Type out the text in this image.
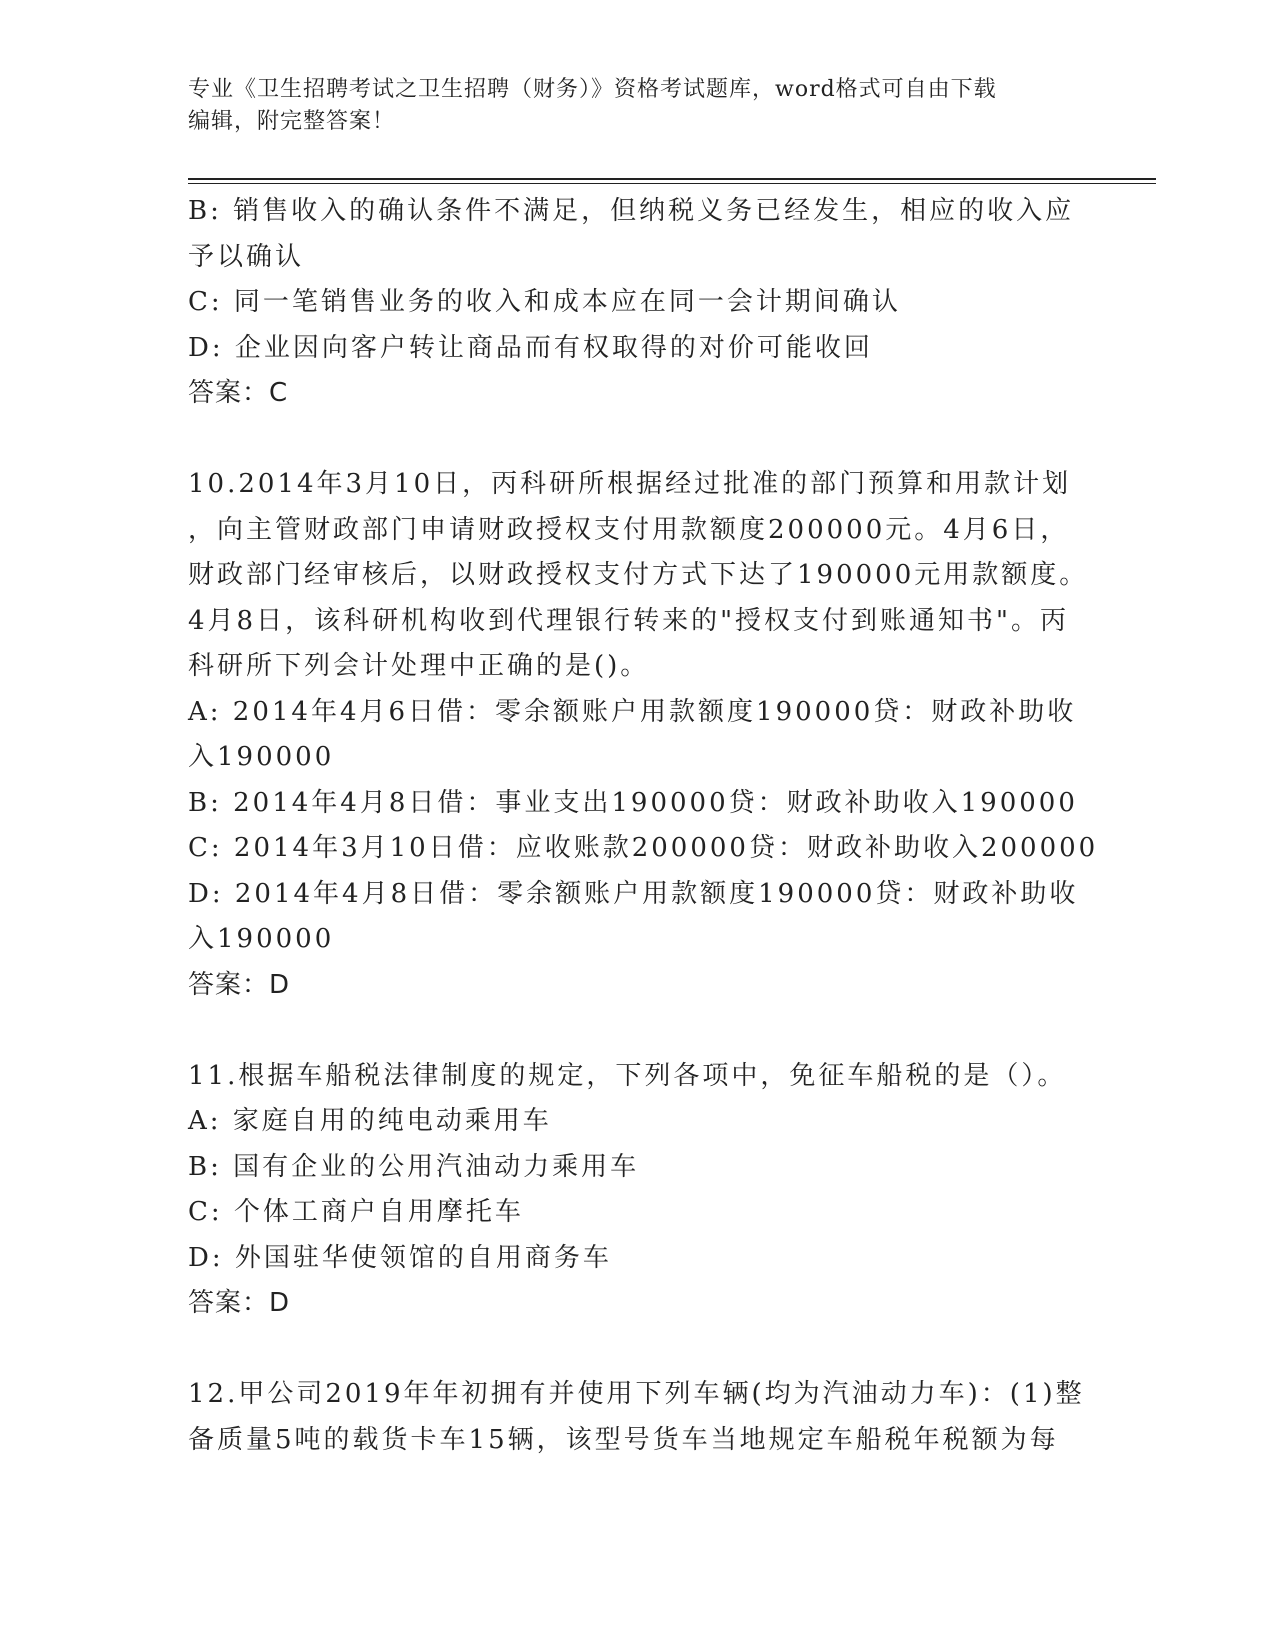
专业《卫生招聘考试之卫生招聘（财务）》资格考试题库，word格式可自由下载
编辑，附完整答案！
B: 销售收入的确认条件不满足，但纳税义务已经发生，相应的收入应
予以确认
C: 同一笔销售业务的收入和成本应在同一会计期间确认
D: 企业因向客户转让商品而有权取得的对价可能收回
答案：C
10.2014年3月10日，丙科研所根据经过批准的部门预算和用款计划
，向主管财政部门申请财政授权支付用款额度200000元。4月6日，
财政部门经审核后，以财政授权支付方式下达了190000元用款额度。
4月8日，该科研机构收到代理银行转来的"授权支付到账通知书"。丙
科研所下列会计处理中正确的是()。
A: 2014年4月6日借：零余额账户用款额度190000贷：财政补助收
入190000
B: 2014年4月8日借：事业支出190000贷：财政补助收入190000
C: 2014年3月10日借：应收账款200000贷：财政补助收入200000
D: 2014年4月8日借：零余额账户用款额度190000贷：财政补助收
入190000
答案：D
11.根据车船税法律制度的规定，下列各项中，免征车船税的是（）。
A: 家庭自用的纯电动乘用车
B: 国有企业的公用汽油动力乘用车
C: 个体工商户自用摩托车
D: 外国驻华使领馆的自用商务车
答案：D
12.甲公司2019年年初拥有并使用下列车辆(均为汽油动力车)：(1)整
备质量5吨的载货卡车15辆，该型号货车当地规定车船税年税额为每
